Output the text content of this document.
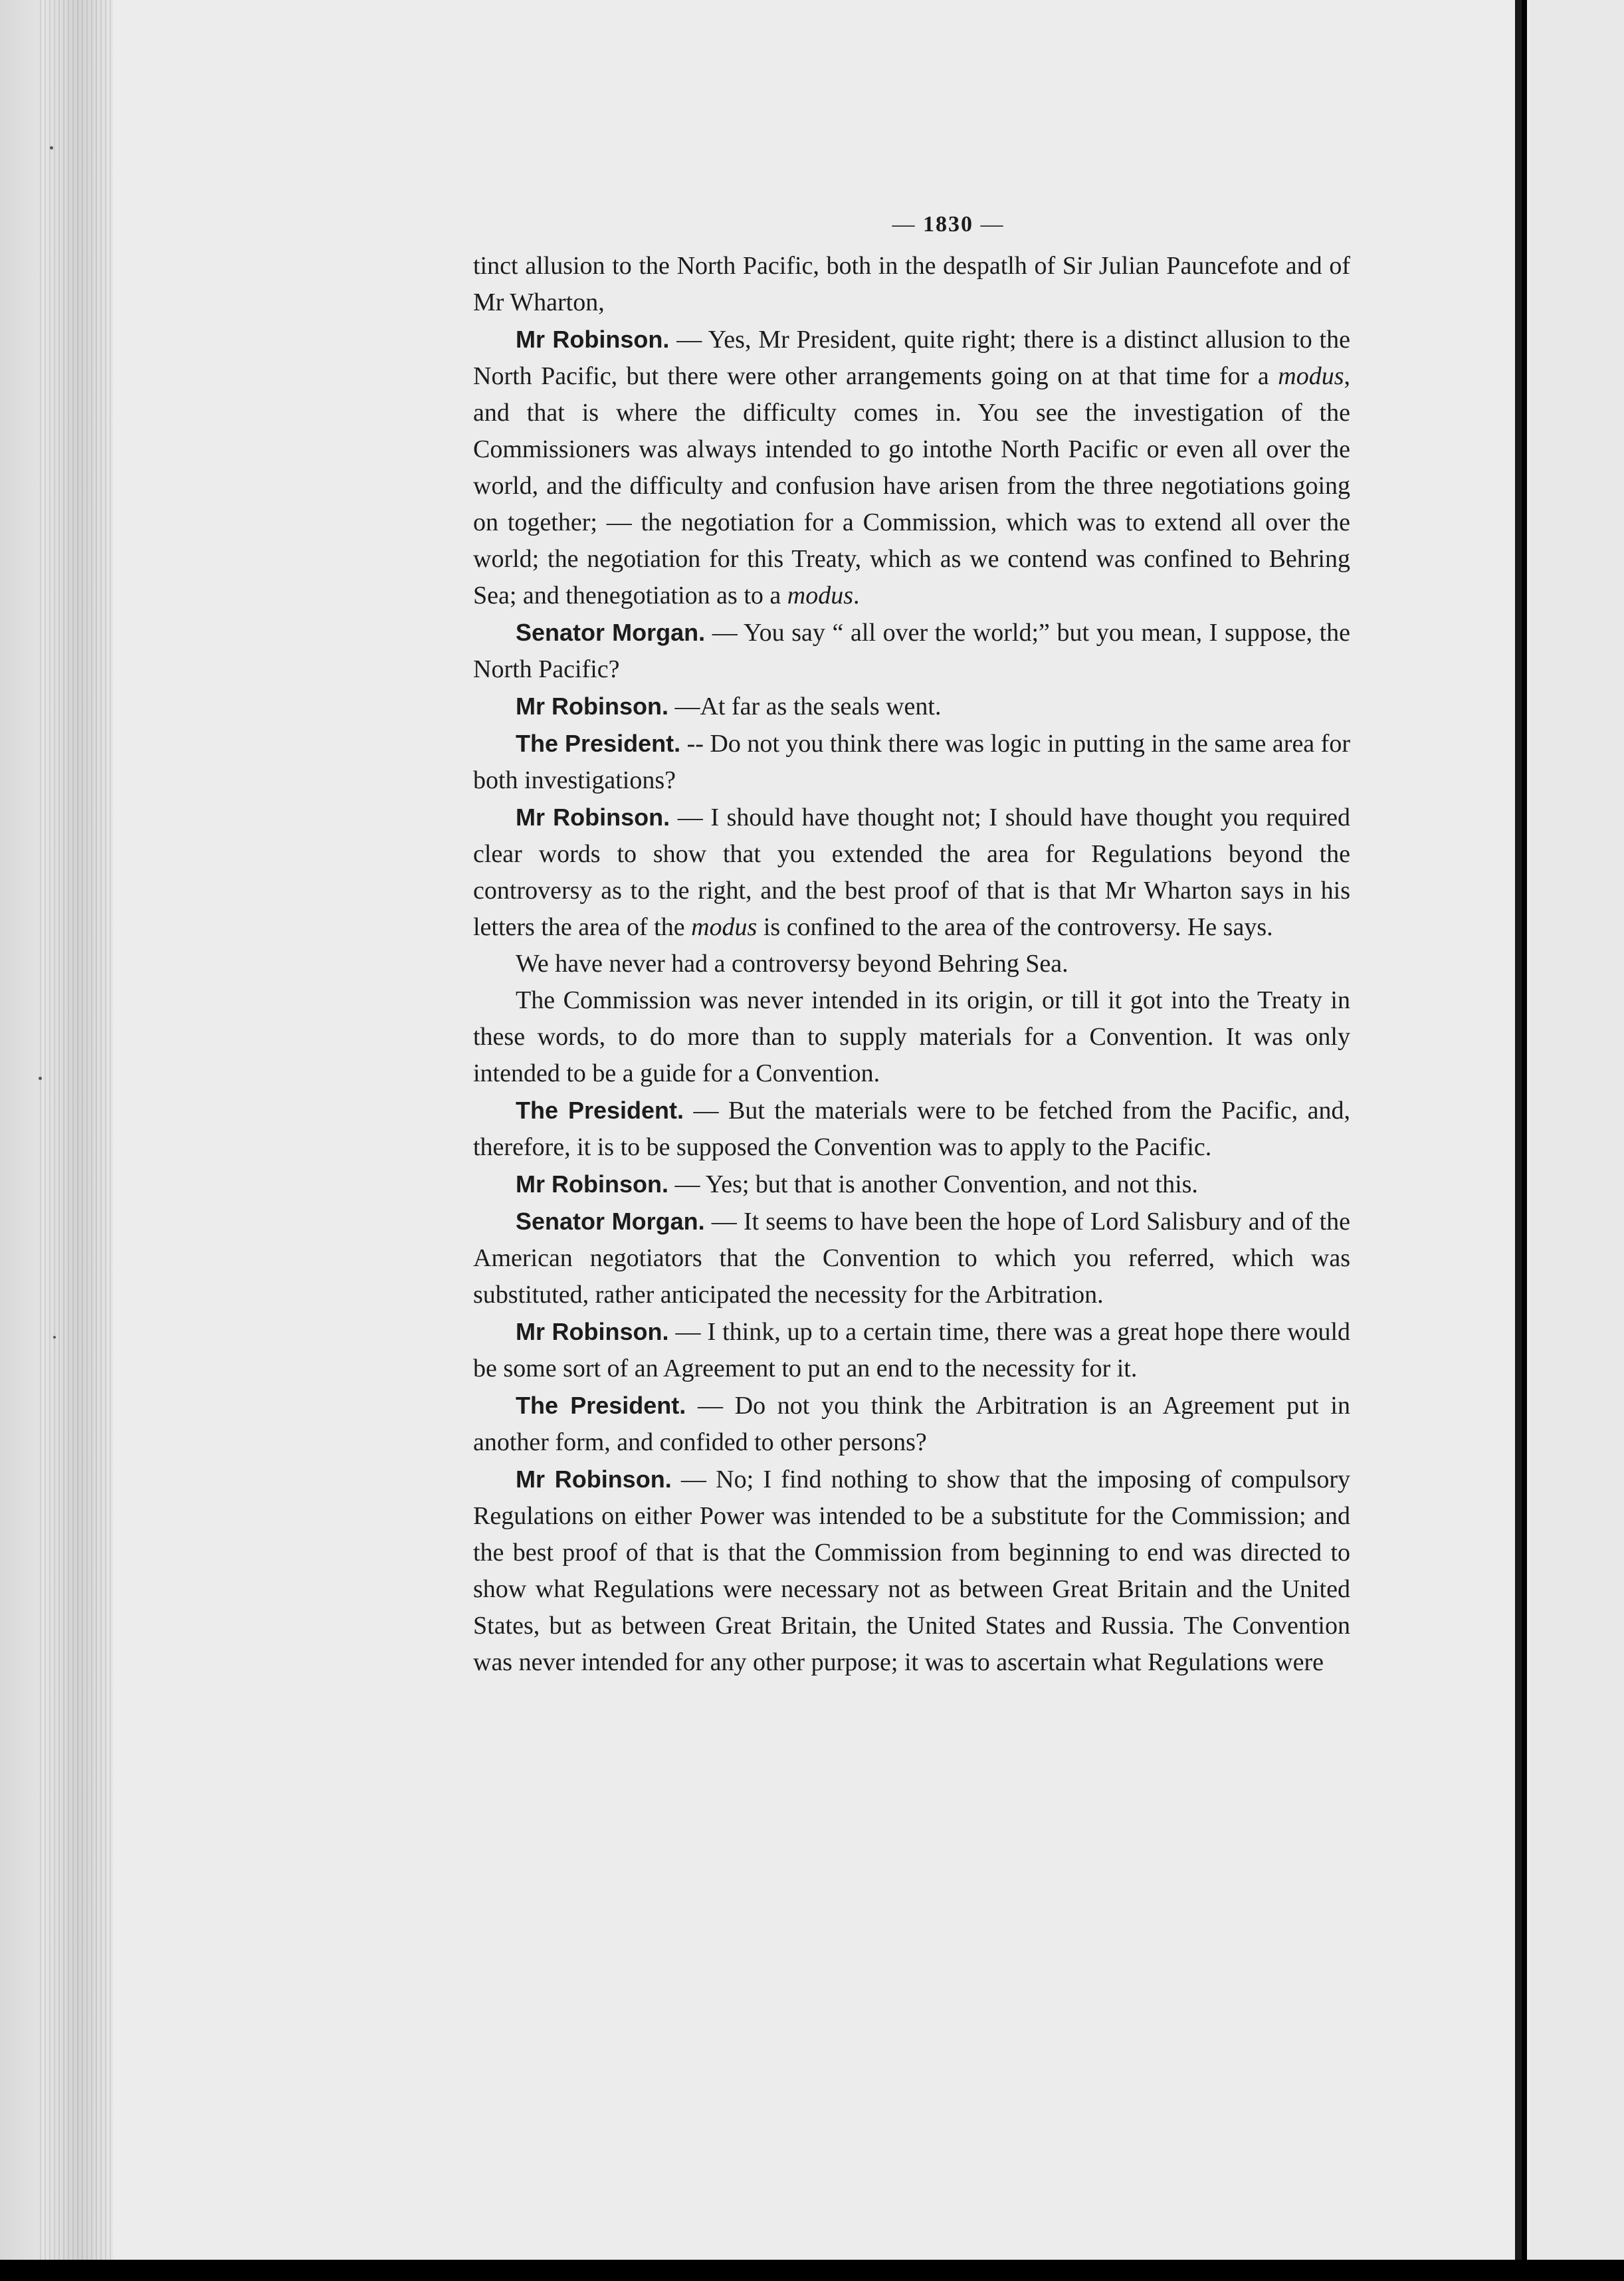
— 1830 —

tinct allusion to the North Pacific, both in the despatlh of Sir Julian Pauncefote and of Mr Wharton,

Mr Robinson. — Yes, Mr President, quite right; there is a distinct allusion to the North Pacific, but there were other arrangements going on at that time for a modus, and that is where the difficulty comes in. You see the investigation of the Commissioners was always intended to go intothe North Pacific or even all over the world, and the difficulty and confusion have arisen from the three negotiations going on together; — the negotiation for a Commission, which was to extend all over the world; the negotiation for this Treaty, which as we contend was confined to Behring Sea; and thenegotiation as to a modus.

Senator Morgan. — You say “ all over the world;” but you mean, I suppose, the North Pacific?

Mr Robinson. —At far as the seals went.

The President. -- Do not you think there was logic in putting in the same area for both investigations?

Mr Robinson. — I should have thought not; I should have thought you required clear words to show that you extended the area for Regulations beyond the controversy as to the right, and the best proof of that is that Mr Wharton says in his letters the area of the modus is confined to the area of the controversy. He says.

We have never had a controversy beyond Behring Sea.

The Commission was never intended in its origin, or till it got into the Treaty in these words, to do more than to supply materials for a Convention. It was only intended to be a guide for a Convention.

The President. — But the materials were to be fetched from the Pacific, and, therefore, it is to be supposed the Convention was to apply to the Pacific.

Mr Robinson. — Yes; but that is another Convention, and not this.

Senator Morgan. — It seems to have been the hope of Lord Salisbury and of the American negotiators that the Convention to which you referred, which was substituted, rather anticipated the necessity for the Arbitration.

Mr Robinson. — I think, up to a certain time, there was a great hope there would be some sort of an Agreement to put an end to the necessity for it.

The President. — Do not you think the Arbitration is an Agreement put in another form, and confided to other persons?

Mr Robinson. — No; I find nothing to show that the imposing of compulsory Regulations on either Power was intended to be a substitute for the Commission; and the best proof of that is that the Commission from beginning to end was directed to show what Regulations were necessary not as between Great Britain and the United States, but as between Great Britain, the United States and Russia. The Convention was never intended for any other purpose; it was to ascertain what Regulations were
